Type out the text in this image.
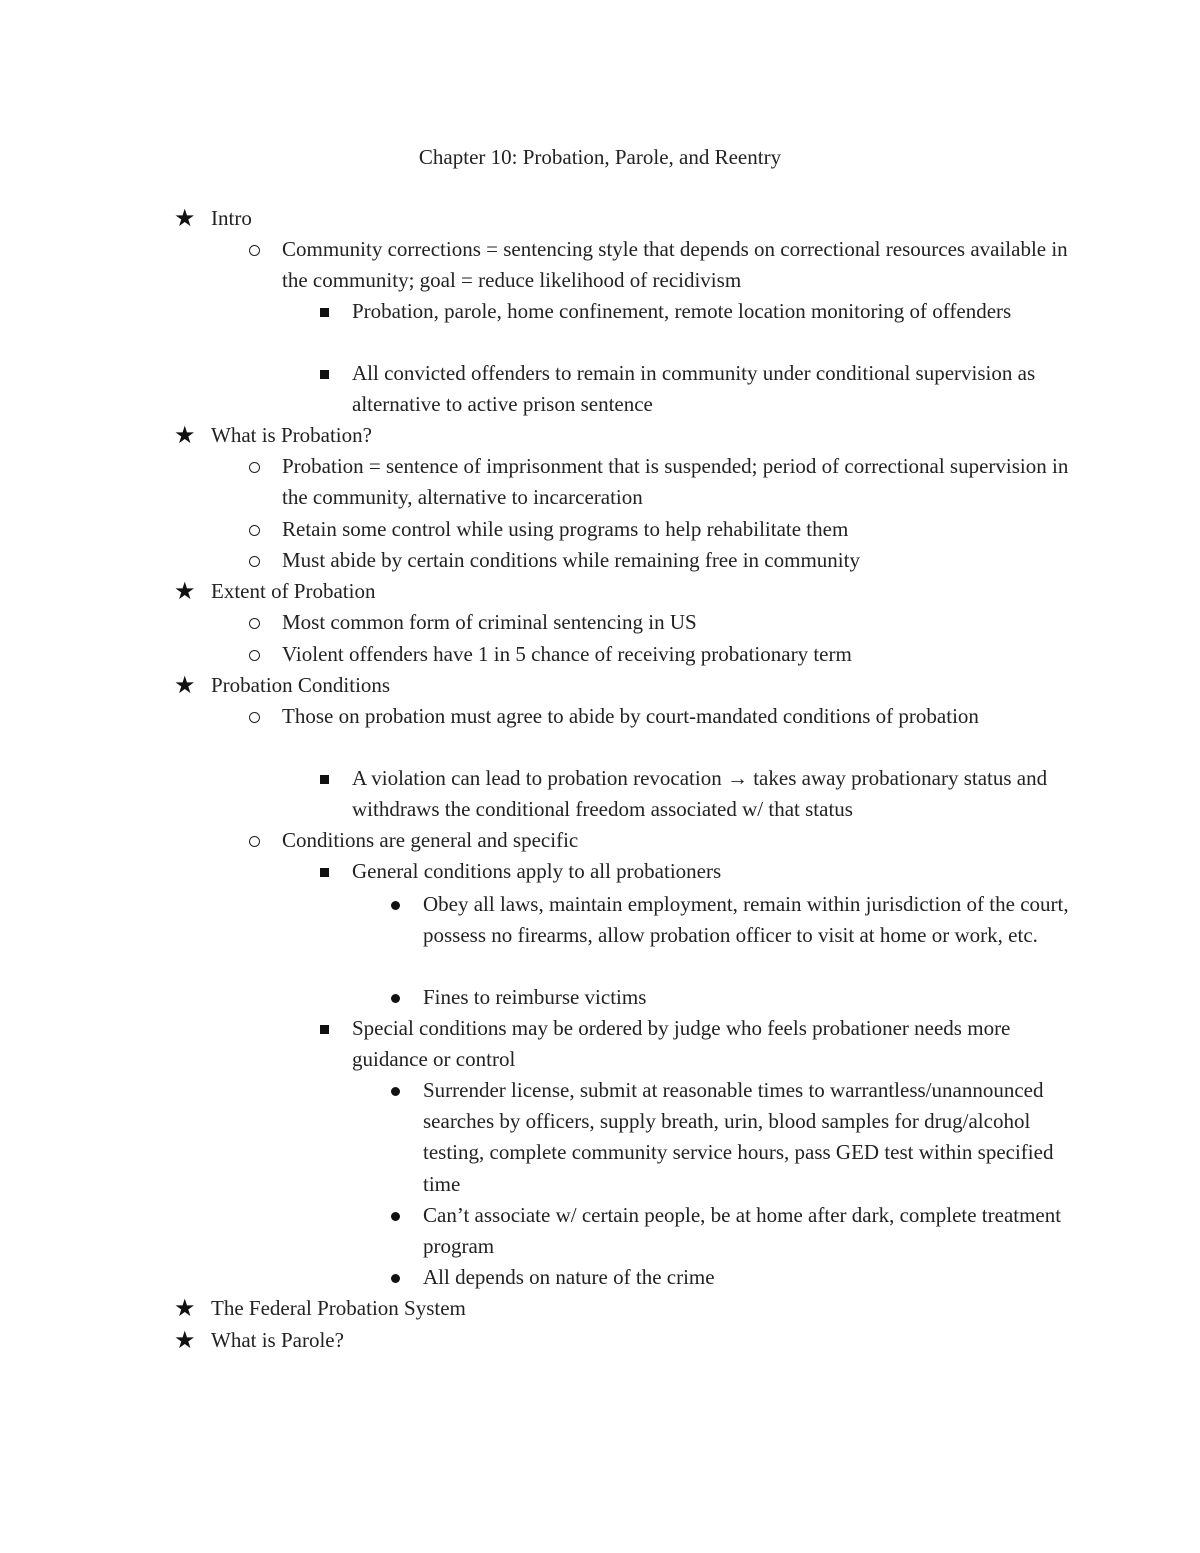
Chapter 10: Probation, Parole, and Reentry
★ Intro
Community corrections = sentencing style that depends on correctional resources available in the community; goal = reduce likelihood of recidivism
Probation, parole, home confinement, remote location monitoring of offenders
All convicted offenders to remain in community under conditional supervision as alternative to active prison sentence
★ What is Probation?
Probation = sentence of imprisonment that is suspended; period of correctional supervision in the community, alternative to incarceration
Retain some control while using programs to help rehabilitate them
Must abide by certain conditions while remaining free in community
★ Extent of Probation
Most common form of criminal sentencing in US
Violent offenders have 1 in 5 chance of receiving probationary term
★ Probation Conditions
Those on probation must agree to abide by court-mandated conditions of probation
A violation can lead to probation revocation → takes away probationary status and withdraws the conditional freedom associated w/ that status
Conditions are general and specific
General conditions apply to all probationers
Obey all laws, maintain employment, remain within jurisdiction of the court, possess no firearms, allow probation officer to visit at home or work, etc.
Fines to reimburse victims
Special conditions may be ordered by judge who feels probationer needs more guidance or control
Surrender license, submit at reasonable times to warrantless/unannounced searches by officers, supply breath, urin, blood samples for drug/alcohol testing, complete community service hours, pass GED test within specified time
Can’t associate w/ certain people, be at home after dark, complete treatment program
All depends on nature of the crime
★ The Federal Probation System
★ What is Parole?
